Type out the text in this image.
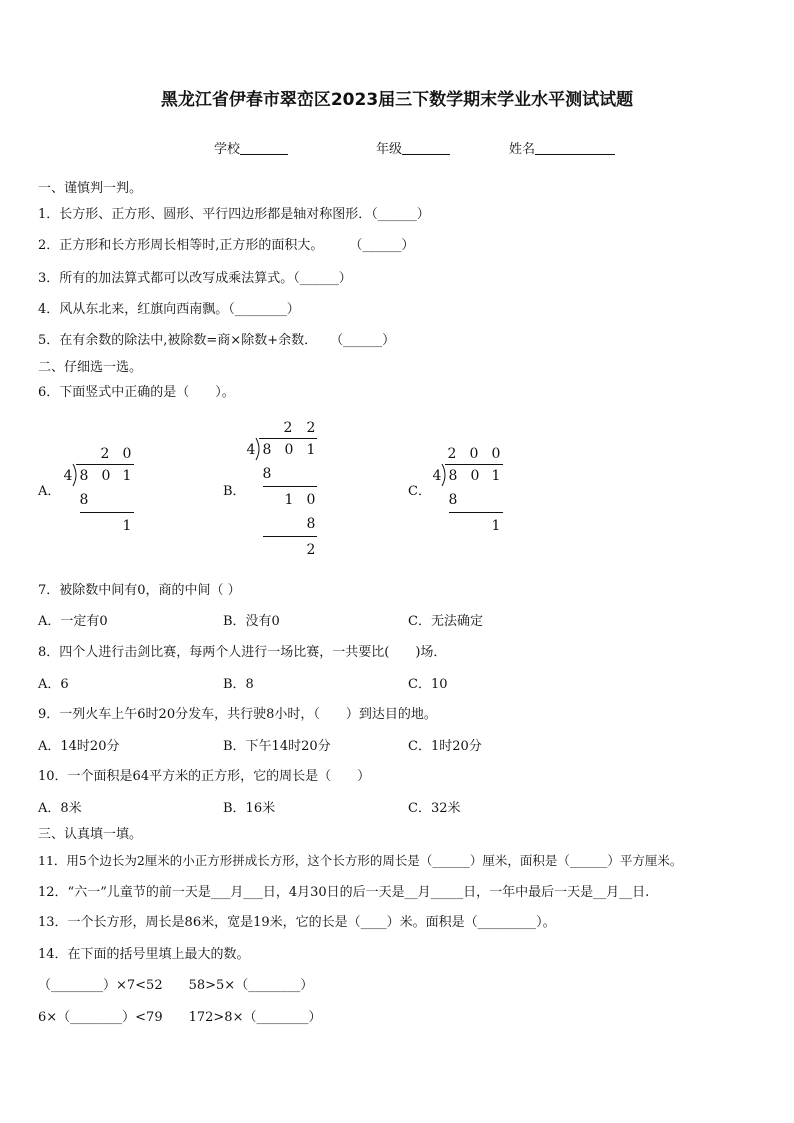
黑龙江省伊春市翠峦区2023届三下数学期末学业水平测试试题
学校	年级	姓名
一、谨慎判一判。
1．长方形、正方形、圆形、平行四边形都是轴对称图形．（______）
2．正方形和长方形周长相等时,正方形的面积大。　　　（______）
3．所有的加法算式都可以改写成乘法算式。（______）
4．风从东北来，红旗向西南飘。（________）
5．在有余数的除法中,被除数=商×除数+余数．　　（______）
二、仔细选一选。
6．下面竖式中正确的是（　　）。
A．	B．	C．
2 0
4 8 0 1
8
1
2 2
4 8 0 1
8
1 0
8
2
2 0 0
4 8 0 1
8
1
7．被除数中间有0，商的中间（ ）
A．一定有0	B．没有0	C．无法确定
8．四个人进行击剑比赛，每两个人进行一场比赛，一共要比(　　)场．
A．6	B．8	C．10
9．一列火车上午6时20分发车，共行驶8小时，（　　）到达目的地。
A．14时20分	B．下午14时20分	C．1时20分
10．一个面积是64平方米的正方形，它的周长是（　　）
A．8米	B．16米	C．32米
三、认真填一填。
11．用5个边长为2厘米的小正方形拼成长方形，这个长方形的周长是（______）厘米，面积是（______）平方厘米。
12．“六一”儿童节的前一天是___月___日，4月30日的后一天是__月_____日，一年中最后一天是__月__日.
13．一个长方形，周长是86米，宽是19米，它的长是（____）米。面积是（_________）。
14．在下面的括号里填上最大的数。
（________）×7<52　　58>5×（________）
6×（________）<79　　172>8×（________）
